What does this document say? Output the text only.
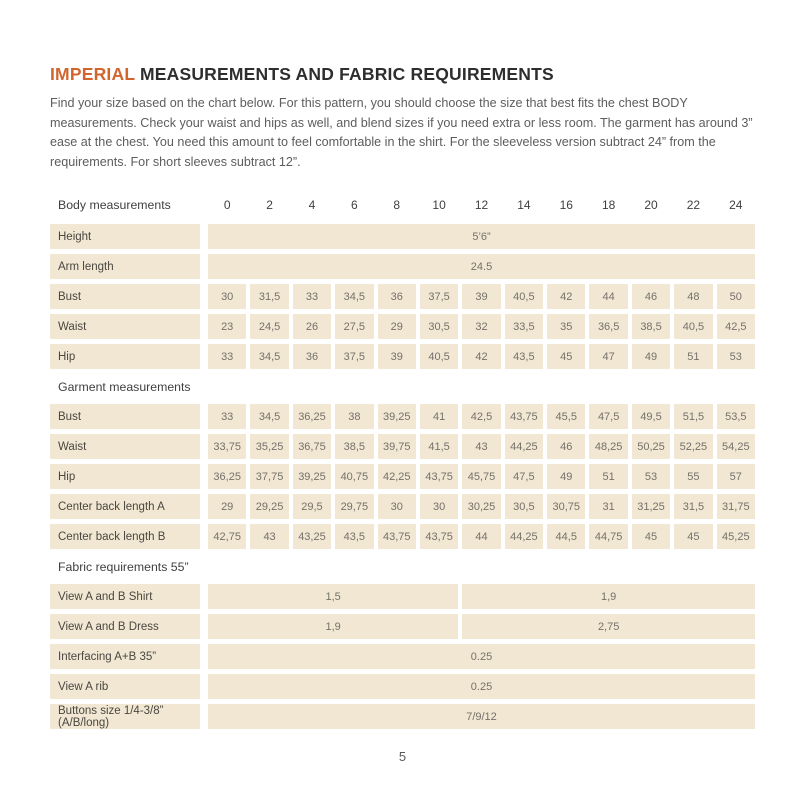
IMPERIAL MEASUREMENTS AND FABRIC REQUIREMENTS

Find your size based on the chart below. For this pattern, you should choose the size that best fits the chest BODY measurements. Check your waist and hips as well, and blend sizes if you need extra or less room. The garment has around 3” ease at the chest. You need this amount to feel comfortable in the shirt. For the sleeveless version subtract 24” from the requirements. For short sleeves subtract 12”.

Body measurements	0	2	4	6	8	10	12	14	16	18	20	22	24
Height	5’6”
Arm length	24.5
Bust	30	31,5	33	34,5	36	37,5	39	40,5	42	44	46	48	50
Waist	23	24,5	26	27,5	29	30,5	32	33,5	35	36,5	38,5	40,5	42,5
Hip	33	34,5	36	37,5	39	40,5	42	43,5	45	47	49	51	53
Garment measurements
Bust	33	34,5	36,25	38	39,25	41	42,5	43,75	45,5	47,5	49,5	51,5	53,5
Waist	33,75	35,25	36,75	38,5	39,75	41,5	43	44,25	46	48,25	50,25	52,25	54,25
Hip	36,25	37,75	39,25	40,75	42,25	43,75	45,75	47,5	49	51	53	55	57
Center back length A	29	29,25	29,5	29,75	30	30	30,25	30,5	30,75	31	31,25	31,5	31,75
Center back length B	42,75	43	43,25	43,5	43,75	43,75	44	44,25	44,5	44,75	45	45	45,25
Fabric requirements 55”
View A and B Shirt	1,5	1,9
View A and B Dress	1,9	2,75
Interfacing A+B 35”	0.25
View A rib	0.25
Buttons size 1/4-3/8” (A/B/long)	7/9/12
5
